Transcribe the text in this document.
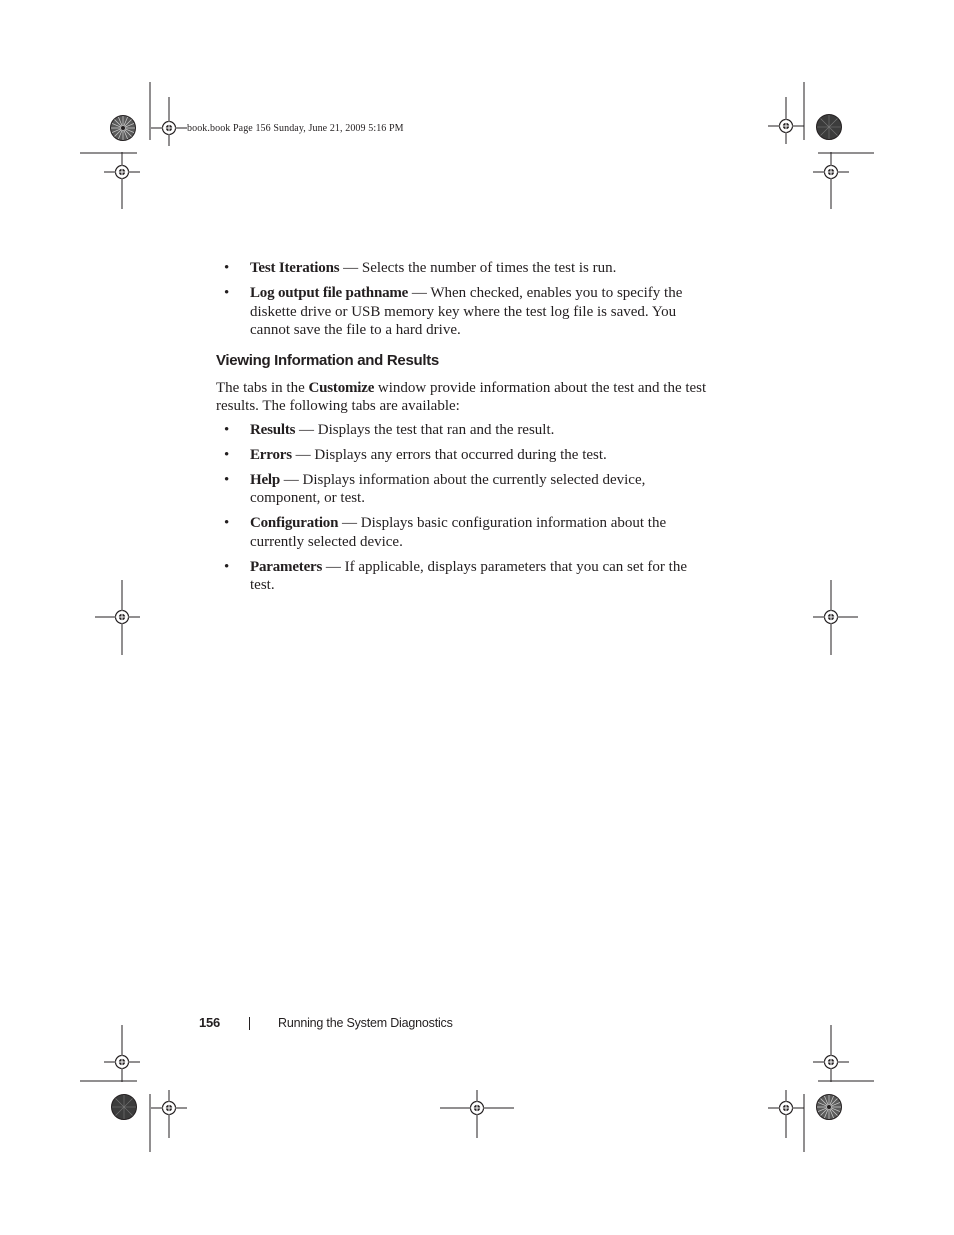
book.book Page 156 Sunday, June 21, 2009 5:16 PM
• Test Iterations — Selects the number of times the test is run.
• Log output file pathname — When checked, enables you to specify the diskette drive or USB memory key where the test log file is saved. You cannot save the file to a hard drive.
Viewing Information and Results

The tabs in the Customize window provide information about the test and the test results. The following tabs are available:

• Results — Displays the test that ran and the result.
• Errors — Displays any errors that occurred during the test.
• Help — Displays information about the currently selected device, component, or test.
• Configuration — Displays basic configuration information about the currently selected device.
• Parameters — If applicable, displays parameters that you can set for the test.
156	Running the System Diagnostics
